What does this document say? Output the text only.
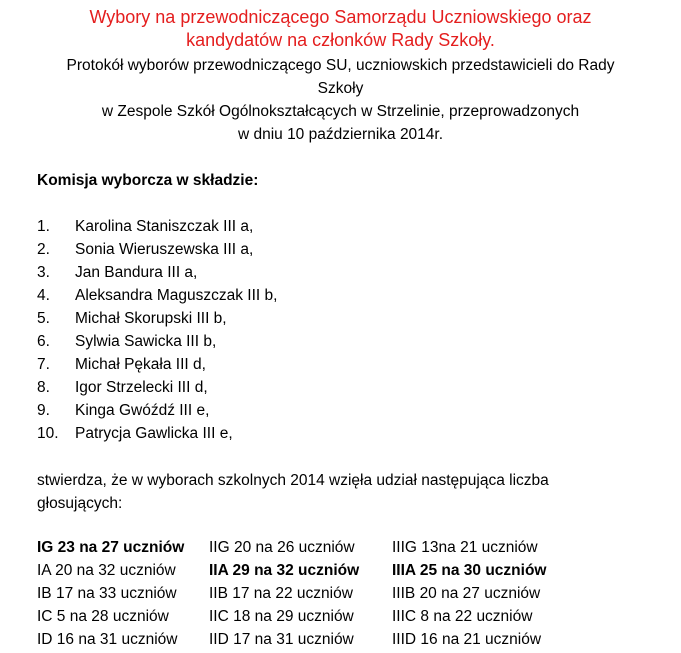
Wybory na przewodniczącego Samorządu Uczniowskiego oraz
kandydatów na członków Rady Szkoły.
Protokół wyborów przewodniczącego SU, uczniowskich przedstawicieli do Rady
Szkoły
w Zespole Szkół Ogólnokształcących w Strzelinie, przeprowadzonych
w dniu 10 października 2014r.
Komisja wyborcza w składzie:
1. Karolina Staniszczak III a,
2. Sonia Wieruszewska III a,
3. Jan Bandura III a,
4. Aleksandra Maguszczak III b,
5. Michał Skorupski III b,
6. Sylwia Sawicka III b,
7. Michał Pękała III d,
8. Igor Strzelecki III d,
9. Kinga Gwóźdź III e,
10. Patrycja Gawlicka III e,
stwierdza, że w wyborach szkolnych 2014 wzięła udział następująca liczba głosujących:
IG 23 na 27 uczniów IIG 20 na 26 uczniów IIIG 13na 21 uczniów
IA 20 na 32 uczniów IIA 29 na 32 uczniów IIIA 25 na 30 uczniów
IB 17 na 33 uczniów IIB 17 na 22 uczniów	IIIB 20 na 27 uczniów
IC 5 na 28 uczniów	IIC 18 na 29 uczniów IIIC 8 na 22 uczniów
ID 16 na 31 uczniów IID 17 na 31 uczniów IIID 16 na 21 uczniów
